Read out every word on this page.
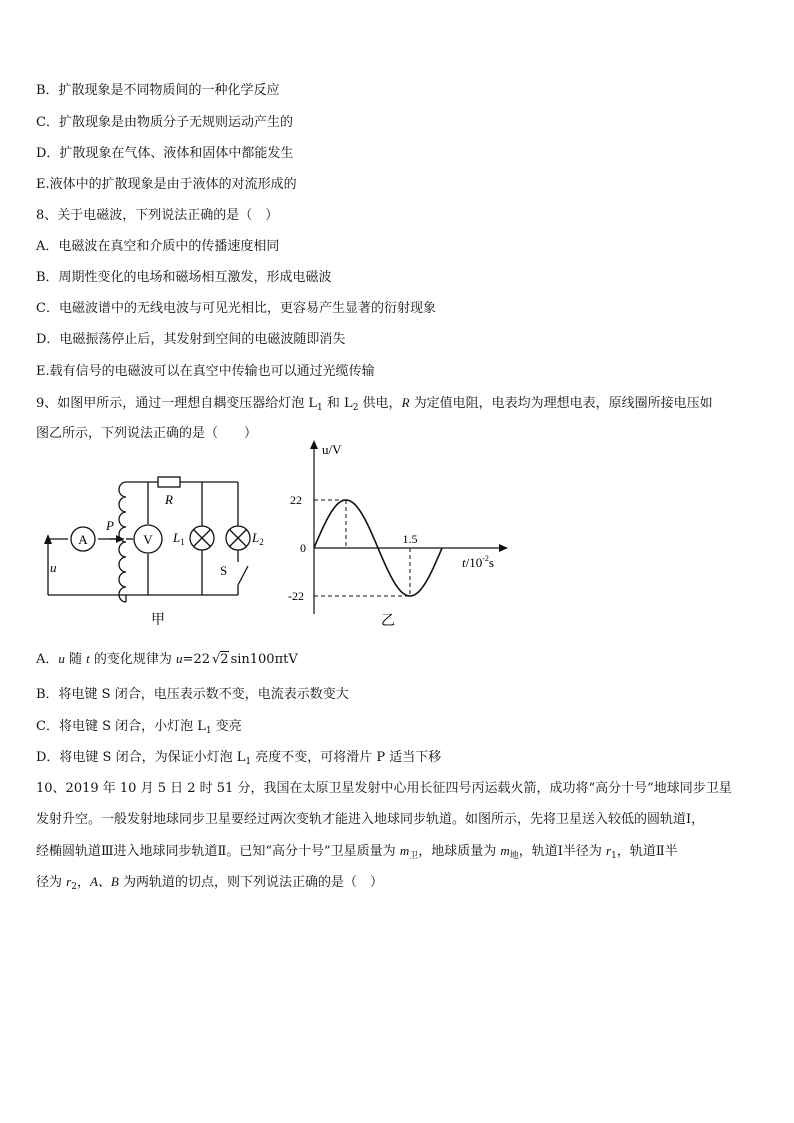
B．扩散现象是不同物质间的一种化学反应
C．扩散现象是由物质分子无规则运动产生的
D．扩散现象在气体、液体和固体中都能发生
E.液体中的扩散现象是由于液体的对流形成的
8、关于电磁波，下列说法正确的是（　）
A．电磁波在真空和介质中的传播速度相同
B．周期性变化的电场和磁场相互激发，形成电磁波
C．电磁波谱中的无线电波与可见光相比，更容易产生显著的衍射现象
D．电磁振荡停止后，其发射到空间的电磁波随即消失
E.载有信号的电磁波可以在真空中传输也可以通过光缆传输
9、如图甲所示，通过一理想自耦变压器给灯泡 $L_1$ 和 $L_2$ 供电，R 为定值电阻，电表均为理想电表，原线圈所接电压如
图乙所示，下列说法正确的是（　　）
A	V
R
P
$L_1$	$L_2$
S
u
甲
u/V
22
0
-22
1.5
$t/10^{-2}s$
乙
A．u 随 t 的变化规律为 u=22 √2 sin100πtV
B．将电键 S 闭合，电压表示数不变，电流表示数变大
C．将电键 S 闭合，小灯泡 $L_1$ 变亮
D．将电键 S 闭合，为保证小灯泡 $L_1$ 亮度不变，可将滑片 P 适当下移
10、2019 年 10 月 5 日 2 时 51 分，我国在太原卫星发射中心用长征四号丙运载火箭，成功将“高分十号”地球同步卫星
发射升空。一般发射地球同步卫星要经过两次变轨才能进入地球同步轨道。如图所示，先将卫星送入较低的圆轨道Ⅰ，
经椭圆轨道Ⅲ进入地球同步轨道Ⅱ。已知“高分十号”卫星质量为 $m_卫$，地球质量为 $m_地$，轨道Ⅰ半径为 $r_1$，轨道Ⅱ半
径为 $r_2$，A、B 为两轨道的切点，则下列说法正确的是（　）
